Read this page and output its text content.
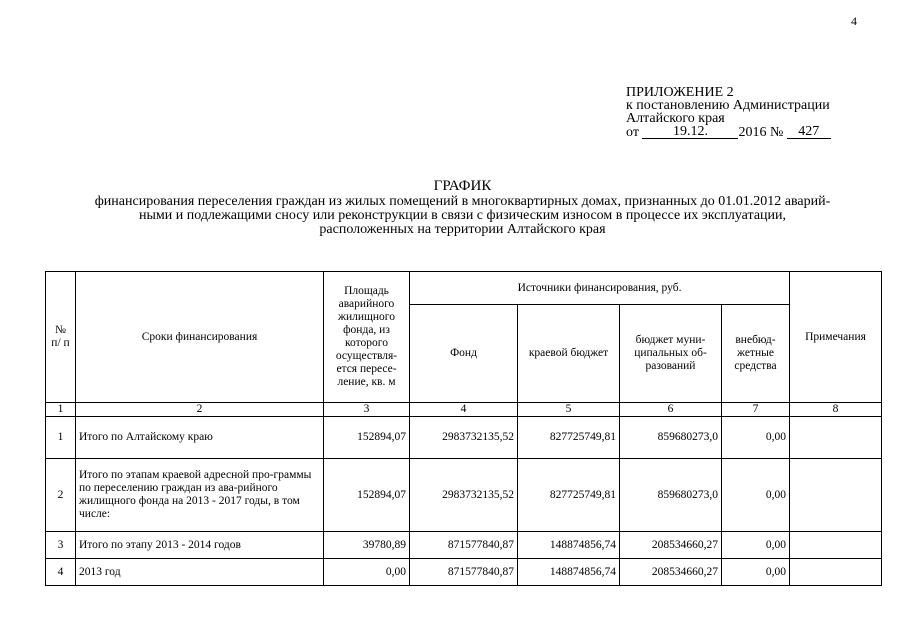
4
ПРИЛОЖЕНИЕ 2
к постановлению Администрации
Алтайского края
от 19.12. 2016 № 427
ГРАФИК
финансирования переселения граждан из жилых помещений в многоквартирных домах, признанных до 01.01.2012 аварий-
ными и подлежащими сносу или реконструкции в связи с физическим износом в процессе их эксплуатации,
расположенных на территории Алтайского края
№ п/ п	Сроки финансирования	Площадь аварийного жилищного фонда, из которого осуществля-ется пересе-ление, кв. м	Источники финансирования, руб.				Примечания
			Фонд	краевой бюджет	бюджет муни-ципальных об-разований	внебюд-жетные средства	
1	2	3	4	5	6	7	8
1	Итого по Алтайскому краю	152894,07	2983732135,52	827725749,81	859680273,0	0,00	
2	Итого по этапам краевой адресной про-граммы по переселению граждан из ава-рийного жилищного фонда на 2013 - 2017 годы, в том числе:	152894,07	2983732135,52	827725749,81	859680273,0	0,00	
3	Итого по этапу 2013 - 2014 годов	39780,89	871577840,87	148874856,74	208534660,27	0,00	
4	2013 год	0,00	871577840,87	148874856,74	208534660,27	0,00	
